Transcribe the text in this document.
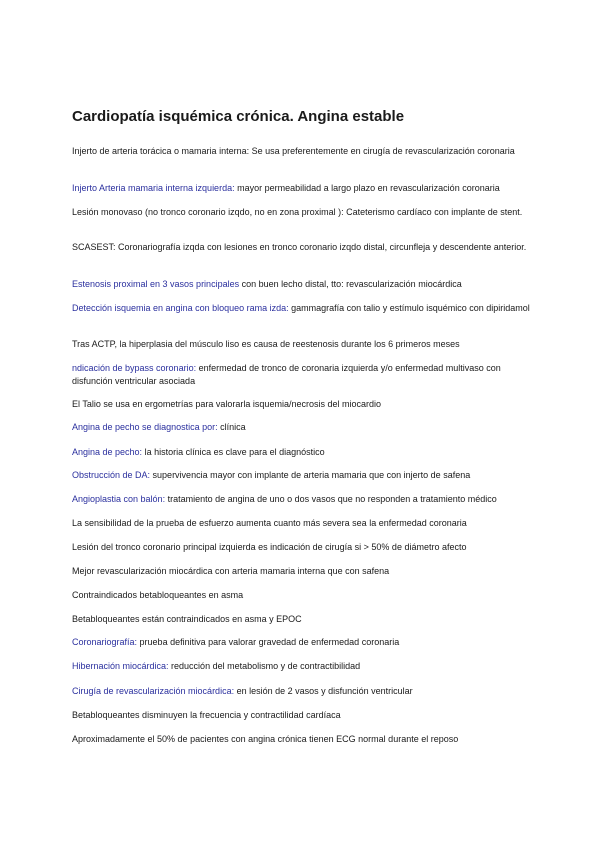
Cardiopatía isquémica crónica. Angina estable
Injerto de arteria torácica o mamaria interna: Se usa preferentemente en cirugía de revascularización coronaria
Injerto Arteria mamaria interna izquierda: mayor permeabilidad a largo plazo en revascularización coronaria
Lesión monovaso (no tronco coronario izqdo, no en zona proximal ): Cateterismo cardíaco con implante de stent.
SCASEST: Coronariografía izqda con lesiones en tronco coronario izqdo distal, circunfleja y descendente anterior.
Estenosis proximal en 3 vasos principales con buen lecho distal, tto: revascularización miocárdica
Detección isquemia en angina con bloqueo rama izda: gammagrafía con talio y estímulo isquémico con dipiridamol
Tras ACTP, la hiperplasia del músculo liso es causa de reestenosis durante los 6 primeros meses
ndicación de bypass coronario: enfermedad de tronco de coronaria izquierda y/o enfermedad multivaso con disfunción ventricular asociada
El Talio se usa en ergometrías para valorarla isquemia/necrosis del miocardio
Angina de pecho se diagnostica por: clínica
Angina de pecho: la historia clínica es clave para el diagnóstico
Obstrucción de DA: supervivencia mayor con implante de arteria mamaria que con injerto de safena
Angioplastia con balón: tratamiento de angina de uno o dos vasos que no responden a tratamiento médico
La sensibilidad de la prueba de esfuerzo aumenta cuanto más severa sea la enfermedad coronaria
Lesión del tronco coronario principal izquierda es indicación de cirugía si > 50% de diámetro afecto
Mejor revascularización miocárdica con arteria mamaria interna que con safena
Contraindicados betabloqueantes en asma
Betabloqueantes están contraindicados en asma y EPOC
Coronariografía: prueba definitiva para valorar gravedad de enfermedad coronaria
Hibernación miocárdica: reducción del metabolismo y de contractibilidad
Cirugía de revascularización miocárdica: en lesión de 2 vasos y disfunción ventricular
Betabloqueantes disminuyen la frecuencia y contractilidad cardíaca
Aproximadamente el 50% de pacientes con angina crónica tienen ECG normal durante el reposo
